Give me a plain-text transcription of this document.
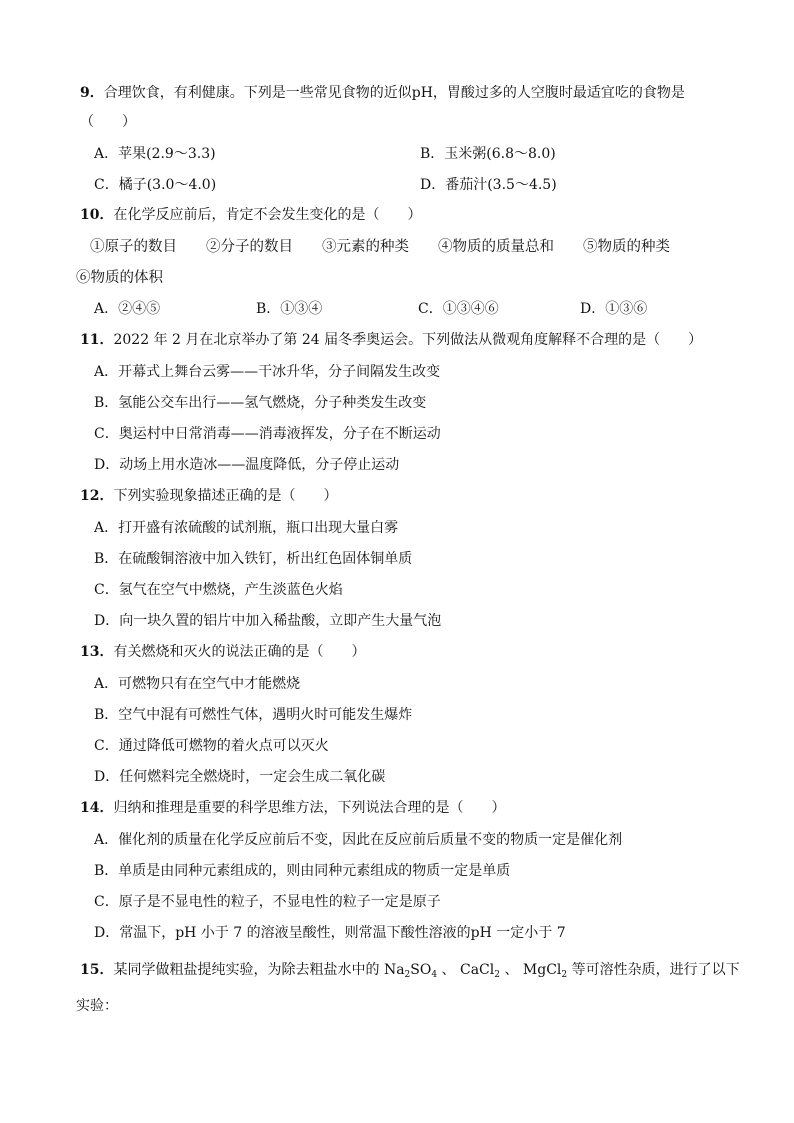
9．合理饮食，有利健康。下列是一些常见食物的近似pH，胃酸过多的人空腹时最适宜吃的食物是
（　　）
A．苹果(2.9～3.3)	B．玉米粥(6.8～8.0)
C．橘子(3.0～4.0)	D．番茄汁(3.5～4.5)
10．在化学反应前后，肯定不会发生变化的是（　　）
①原子的数目　　②分子的数目　　③元素的种类　　④物质的质量总和　　⑤物质的种类
⑥物质的体积
A．②④⑤	B．①③④	C．①③④⑥	D．①③⑥
11．2022 年 2 月在北京举办了第 24 届冬季奥运会。下列做法从微观角度解释不合理的是（　　）
A．开幕式上舞台云雾——干冰升华，分子间隔发生改变
B．氢能公交车出行——氢气燃烧，分子种类发生改变
C．奥运村中日常消毒——消毒液挥发，分子在不断运动
D．动场上用水造冰——温度降低，分子停止运动
12．下列实验现象描述正确的是（　　）
A．打开盛有浓硫酸的试剂瓶，瓶口出现大量白雾
B．在硫酸铜溶液中加入铁钉，析出红色固体铜单质
C．氢气在空气中燃烧，产生淡蓝色火焰
D．向一块久置的铝片中加入稀盐酸，立即产生大量气泡
13．有关燃烧和灭火的说法正确的是（　　）
A．可燃物只有在空气中才能燃烧
B．空气中混有可燃性气体，遇明火时可能发生爆炸
C．通过降低可燃物的着火点可以灭火
D．任何燃料完全燃烧时，一定会生成二氧化碳
14．归纳和推理是重要的科学思维方法，下列说法合理的是（　　）
A．催化剂的质量在化学反应前后不变，因此在反应前后质量不变的物质一定是催化剂
B．单质是由同种元素组成的，则由同种元素组成的物质一定是单质
C．原子是不显电性的粒子，不显电性的粒子一定是原子
D．常温下，pH 小于 7 的溶液呈酸性，则常温下酸性溶液的pH 一定小于 7
15．某同学做粗盐提纯实验，为除去粗盐水中的 $Na_2SO_4$ 、 CaCl$_2$ 、 MgCl$_2$ 等可溶性杂质，进行了以下
实验：
